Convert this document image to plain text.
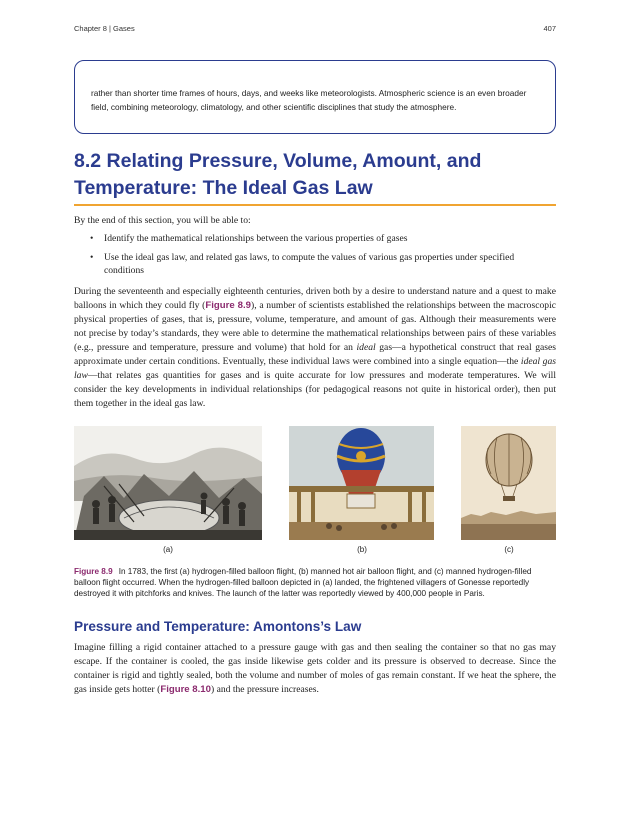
Chapter 8 | Gases	407
rather than shorter time frames of hours, days, and weeks like meteorologists. Atmospheric science is an even broader field, combining meteorology, climatology, and other scientific disciplines that study the atmosphere.
8.2 Relating Pressure, Volume, Amount, and Temperature: The Ideal Gas Law
By the end of this section, you will be able to:
• Identify the mathematical relationships between the various properties of gases
• Use the ideal gas law, and related gas laws, to compute the values of various gas properties under specified conditions

During the seventeenth and especially eighteenth centuries, driven both by a desire to understand nature and a quest to make balloons in which they could fly (Figure 8.9), a number of scientists established the relationships between the macroscopic physical properties of gases, that is, pressure, volume, temperature, and amount of gas. Although their measurements were not precise by today’s standards, they were able to determine the mathematical relationships between pairs of these variables (e.g., pressure and temperature, pressure and volume) that hold for an ideal gas—a hypothetical construct that real gases approximate under certain conditions. Eventually, these individual laws were combined into a single equation—the ideal gas law—that relates gas quantities for gases and is quite accurate for low pressures and moderate temperatures. We will consider the key developments in individual relationships (for pedagogical reasons not quite in historical order), then put them together in the ideal gas law.

(a)	(b)	(c)

Figure 8.9 In 1783, the first (a) hydrogen-filled balloon flight, (b) manned hot air balloon flight, and (c) manned hydrogen-filled balloon flight occurred. When the hydrogen-filled balloon depicted in (a) landed, the frightened villagers of Gonesse reportedly destroyed it with pitchforks and knives. The launch of the latter was reportedly viewed by 400,000 people in Paris.

Pressure and Temperature: Amontons’s Law

Imagine filling a rigid container attached to a pressure gauge with gas and then sealing the container so that no gas may escape. If the container is cooled, the gas inside likewise gets colder and its pressure is observed to decrease. Since the container is rigid and tightly sealed, both the volume and number of moles of gas remain constant. If we heat the sphere, the gas inside gets hotter (Figure 8.10) and the pressure increases.
